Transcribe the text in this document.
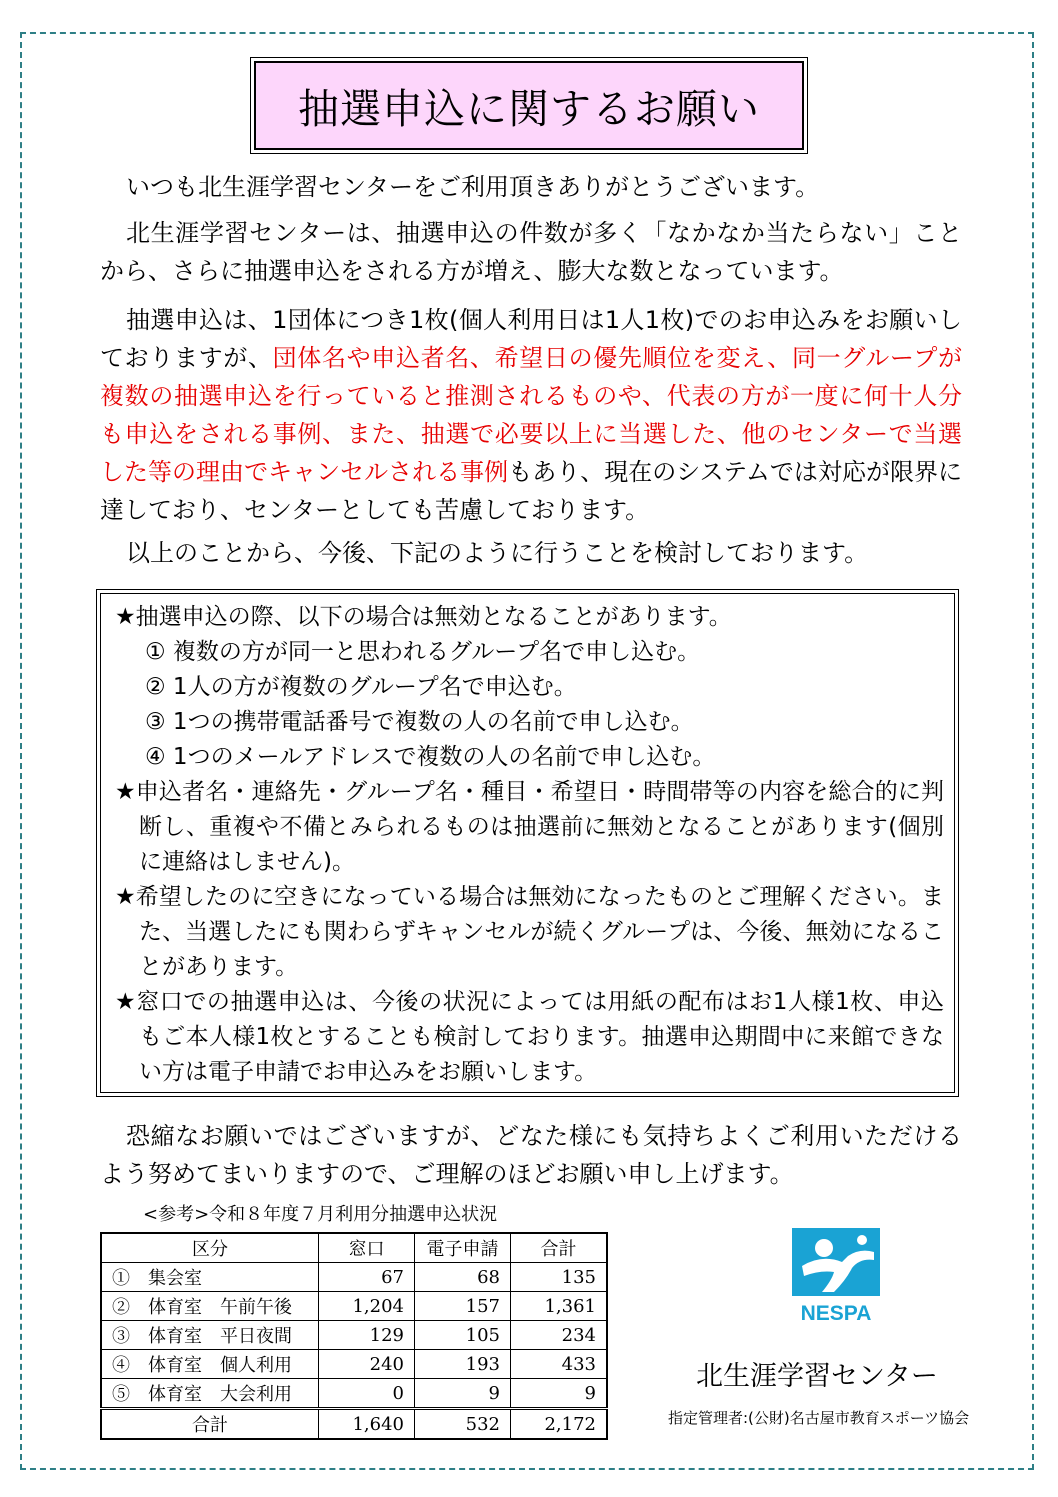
抽選申込に関するお願い
いつも北生涯学習センターをご利用頂きありがとうございます。
北生涯学習センターは、抽選申込の件数が多く「なかなか当たらない」ことから、さらに抽選申込をされる方が増え、膨大な数となっています。
抽選申込は、1団体につき1枚(個人利用日は1人1枚)でのお申込みをお願いしておりますが、団体名や申込者名、希望日の優先順位を変え、同一グループが複数の抽選申込を行っていると推測されるものや、代表の方が一度に何十人分も申込をされる事例、また、抽選で必要以上に当選した、他のセンターで当選した等の理由でキャンセルされる事例もあり、現在のシステムでは対応が限界に達しており、センターとしても苦慮しております。
以上のことから、今後、下記のように行うことを検討しております。
★抽選申込の際、以下の場合は無効となることがあります。
① 複数の方が同一と思われるグループ名で申し込む。
② 1人の方が複数のグループ名で申込む。
③ 1つの携帯電話番号で複数の人の名前で申し込む。
④ 1つのメールアドレスで複数の人の名前で申し込む。
★申込者名・連絡先・グループ名・種目・希望日・時間帯等の内容を総合的に判断し、重複や不備とみられるものは抽選前に無効となることがあります(個別に連絡はしません)。
★希望したのに空きになっている場合は無効になったものとご理解ください。また、当選したにも関わらずキャンセルが続くグループは、今後、無効になることがあります。
★窓口での抽選申込は、今後の状況によっては用紙の配布はお1人様1枚、申込もご本人様1枚とすることも検討しております。抽選申込期間中に来館できない方は電子申請でお申込みをお願いします。
恐縮なお願いではございますが、どなた様にも気持ちよくご利用いただけるよう努めてまいりますので、ご理解のほどお願い申し上げます。
<参考>令和８年度７月利用分抽選申込状況
区分	窓口	電子申請	合計
①　集会室	67	68	135
②　体育室　午前午後	1,204	157	1,361
③　体育室　平日夜間	129	105	234
④　体育室　個人利用	240	193	433
⑤　体育室　大会利用	0	9	9
合計	1,640	532	2,172
NESPA
北生涯学習センター
指定管理者:(公財)名古屋市教育スポーツ協会
